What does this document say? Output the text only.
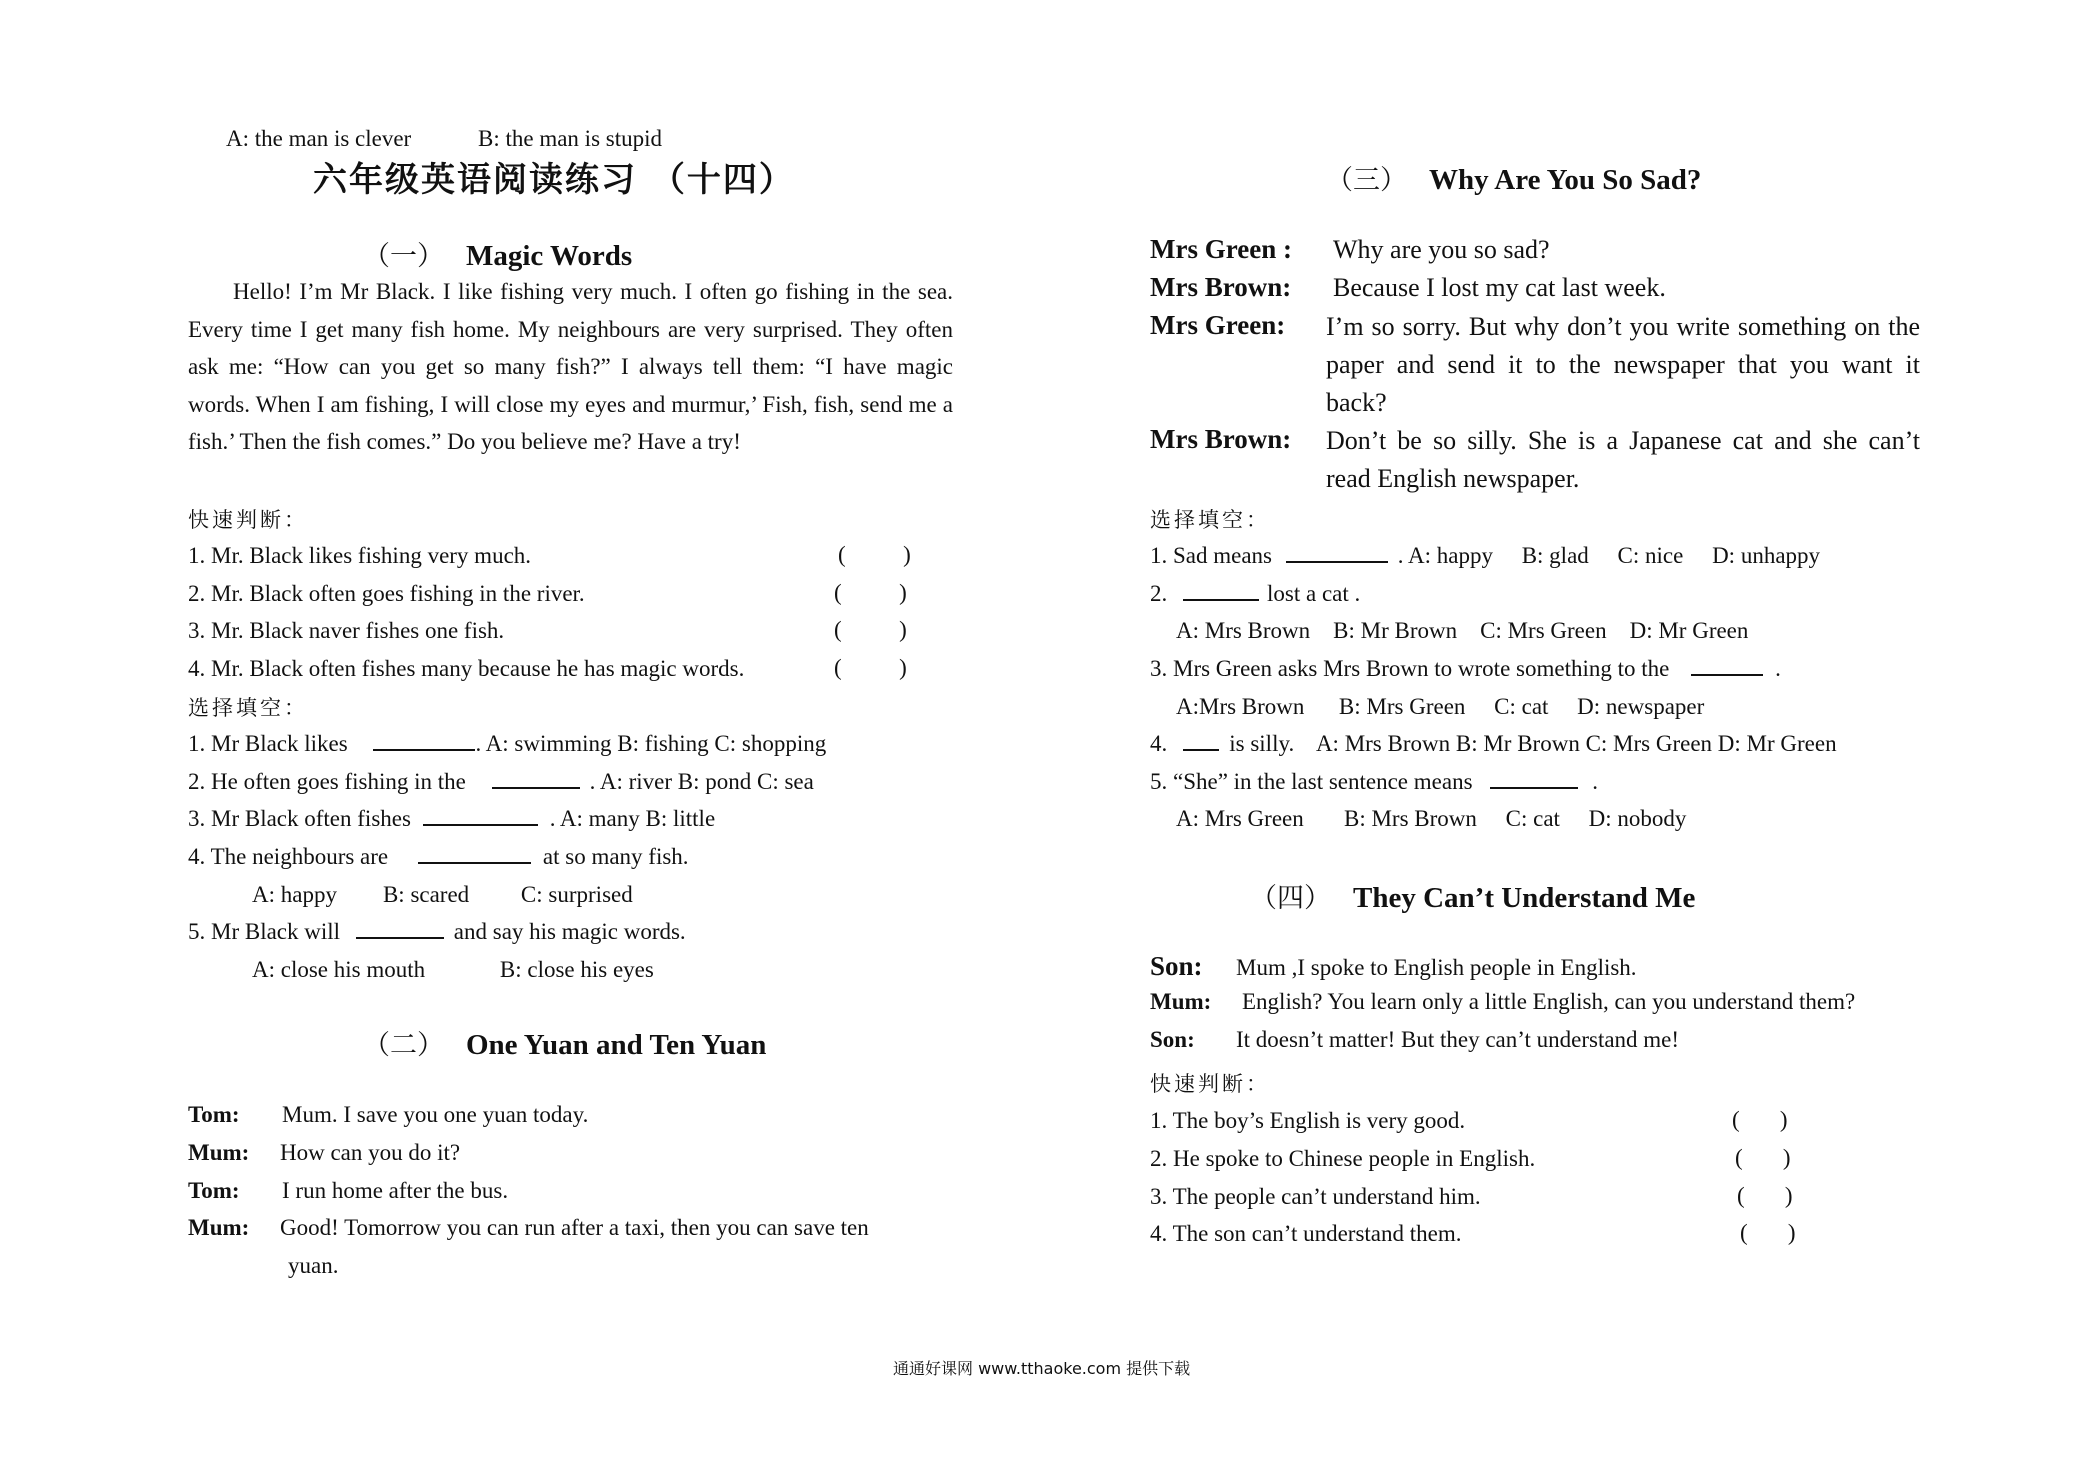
A: the man is clever	B: the man is stupid
六年级英语阅读练习 （十四）
（一） Magic Words
Hello! I’m Mr Black. I like fishing very much. I often go fishing in the sea. Every time I get many fish home. My neighbours are very surprised. They often ask me: “How can you get so many fish?” I always tell them: “I have magic words. When I am fishing, I will close my eyes and murmur,’ Fish, fish, send me a fish.’ Then the fish comes.” Do you believe me? Have a try!
快速判断：
1. Mr. Black likes fishing very much.	(          )
2. Mr. Black often goes fishing in the river.	(          )
3. Mr. Black naver fishes one fish.	(          )
4. Mr. Black often fishes many because he has magic words.	(          )
选择填空：
1. Mr Black likes	. A: swimming B: fishing C: shopping
2. He often goes fishing in the	. A: river B: pond C: sea
3. Mr Black often fishes	. A: many B: little
4. The neighbours are	at so many fish.
A: happy        B: scared         C: surprised
5. Mr Black will	and say his magic words.
A: close his mouth             B: close his eyes
（二） One Yuan and Ten Yuan
Tom: Mum. I save you one yuan today.
Mum: How can you do it?
Tom: I run home after the bus.
Mum: Good! Tomorrow you can run after a taxi, then you can save ten
yuan.
（三） Why Are You So Sad?
Mrs Green : Why are you so sad?
Mrs Brown: Because I lost my cat last week.
Mrs Green: I’m so sorry. But why don’t you write something on the paper and send it to the newspaper that you want it back?
Mrs Brown: Don’t be so silly. She is a Japanese cat and she can’t read English newspaper.
选择填空：
1. Sad means	. A: happy     B: glad     C: nice     D: unhappy
2.	lost a cat .
A: Mrs Brown    B: Mr Brown    C: Mrs Green    D: Mr Green
3. Mrs Green asks Mrs Brown to wrote something to the	.
A:Mrs Brown      B: Mrs Green     C: cat     D: newspaper
4.	is silly.    A: Mrs Brown B: Mr Brown C: Mrs Green D: Mr Green
5. “She” in the last sentence means	.
A: Mrs Green       B: Mrs Brown     C: cat     D: nobody
（四） They Can’t Understand Me
Son: Mum ,I spoke to English people in English.
Mum: English? You learn only a little English, can you understand them?
Son: It doesn’t matter! But they can’t understand me!
快速判断：
1. The boy’s English is very good.	(       )
2. He spoke to Chinese people in English.	(       )
3. The people can’t understand him.	(       )
4. The son can’t understand them.	(       )
通通好课网 www.tthaoke.com 提供下载
